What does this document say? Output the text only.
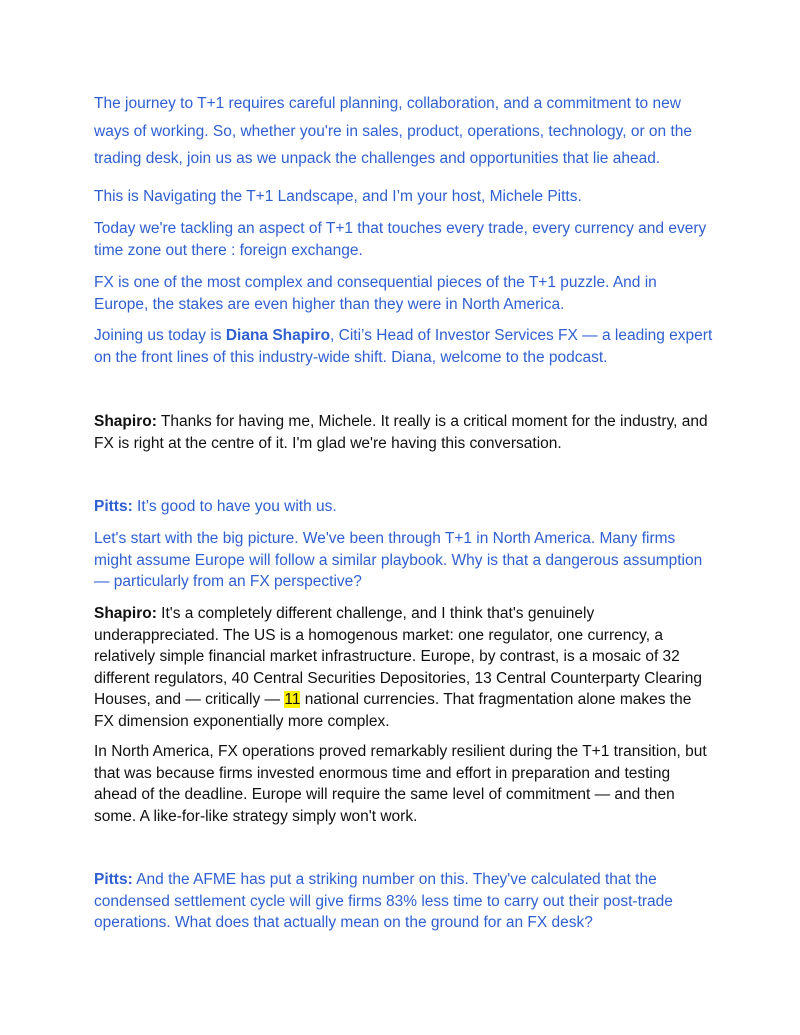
The journey to T+1 requires careful planning, collaboration, and a commitment to new ways of working. So, whether you're in sales, product, operations, technology, or on the trading desk, join us as we unpack the challenges and opportunities that lie ahead.

This is Navigating the T+1 Landscape, and I’m your host, Michele Pitts.

Today we're tackling an aspect of T+1 that touches every trade, every currency and every time zone out there : foreign exchange.

FX is one of the most complex and consequential pieces of the T+1 puzzle. And in Europe, the stakes are even higher than they were in North America.

Joining us today is Diana Shapiro, Citi’s Head of Investor Services FX — a leading expert on the front lines of this industry-wide shift. Diana, welcome to the podcast.

Shapiro: Thanks for having me, Michele. It really is a critical moment for the industry, and FX is right at the centre of it. I'm glad we're having this conversation.

Pitts: It’s good to have you with us.

Let's start with the big picture. We've been through T+1 in North America. Many firms might assume Europe will follow a similar playbook. Why is that a dangerous assumption — particularly from an FX perspective?

Shapiro: It's a completely different challenge, and I think that's genuinely underappreciated. The US is a homogenous market: one regulator, one currency, a relatively simple financial market infrastructure. Europe, by contrast, is a mosaic of 32 different regulators, 40 Central Securities Depositories, 13 Central Counterparty Clearing Houses, and — critically — 11 national currencies. That fragmentation alone makes the FX dimension exponentially more complex.

In North America, FX operations proved remarkably resilient during the T+1 transition, but that was because firms invested enormous time and effort in preparation and testing ahead of the deadline. Europe will require the same level of commitment — and then some. A like-for-like strategy simply won't work.

Pitts: And the AFME has put a striking number on this. They've calculated that the condensed settlement cycle will give firms 83% less time to carry out their post-trade operations. What does that actually mean on the ground for an FX desk?
